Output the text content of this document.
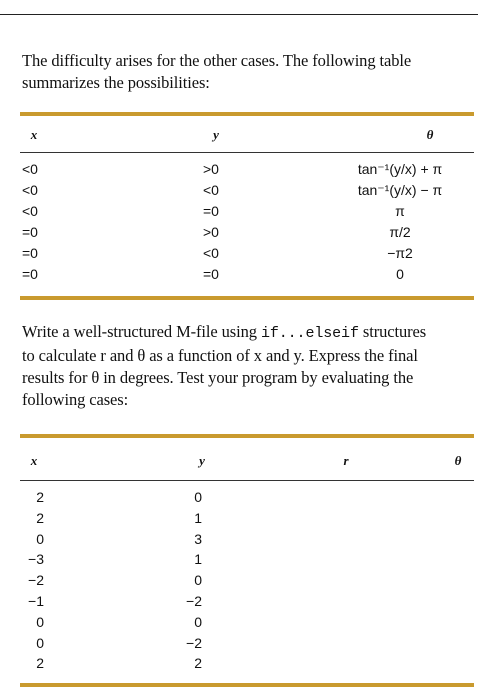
The difficulty arises for the other cases. The following table
summarizes the possibilities:
x	y	θ
<0	>0	tan⁻¹(y/x) + π
<0	<0	tan⁻¹(y/x) − π
<0	=0	π
=0	>0	π/2
=0	<0	−π2
=0	=0	0
Write a well-structured M-file using if...elseif structures
to calculate r and θ as a function of x and y. Express the final
results for θ in degrees. Test your program by evaluating the
following cases:
x	y	r	θ
2	0
2	1
0	3
−3	1
−2	0
−1	−2
0	0
0	−2
2	2
